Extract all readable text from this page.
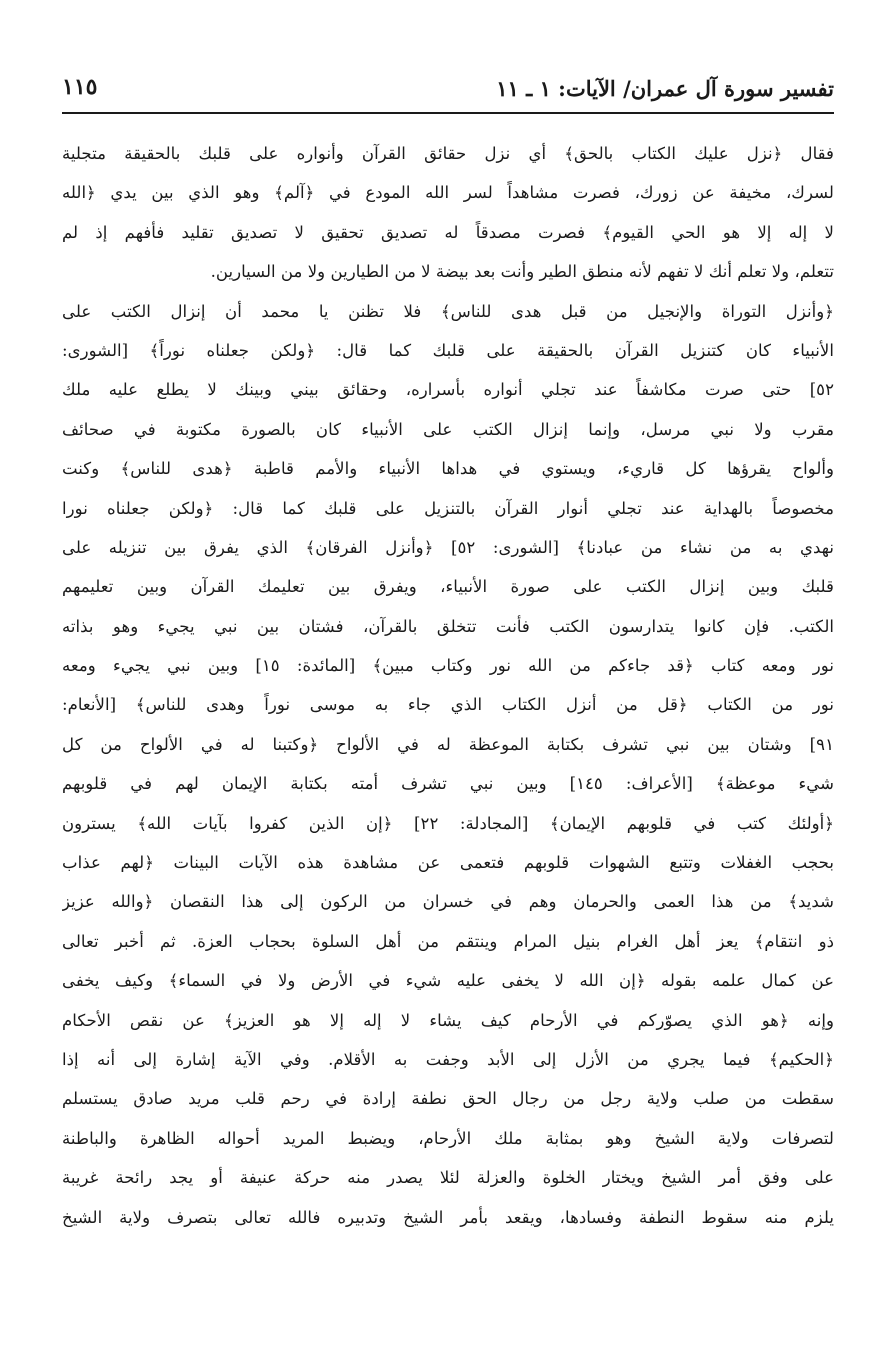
تفسير سورة آل عمران/ الآيات: ١ ـ ١١
١١٥
فقال ﴿نزل عليك الكتاب بالحق﴾ أي نزل حقائق القرآن وأنواره على قلبك بالحقيقة متجلية
لسرك، مخيفة عن زورك، فصرت مشاهداً لسر الله المودع في ﴿آلم﴾ وهو الذي بين يدي ﴿الله
لا إله إلا هو الحي القيوم﴾ فصرت مصدقاً له تصديق تحقيق لا تصديق تقليد فأفهم إذ لم
تتعلم، ولا تعلم أنك لا تفهم لأنه منطق الطير وأنت بعد بيضة لا من الطيارين ولا من السيارين.
﴿وأنزل التوراة والإنجيل من قبل هدى للناس﴾ فلا تظنن يا محمد أن إنزال الكتب على
الأنبياء كان كتنزيل القرآن بالحقيقة على قلبك كما قال: ﴿ولكن جعلناه نوراً﴾ [الشورى:
٥٢] حتى صرت مكاشفاً عند تجلي أنواره بأسراره، وحقائق بيني وبينك لا يطلع عليه ملك
مقرب ولا نبي مرسل، وإنما إنزال الكتب على الأنبياء كان بالصورة مكتوبة في صحائف
وألواح يقرؤها كل قاريء، ويستوي في هداها الأنبياء والأمم قاطبة ﴿هدى للناس﴾ وكنت
مخصوصاً بالهداية عند تجلي أنوار القرآن بالتنزيل على قلبك كما قال: ﴿ولكن جعلناه نورا
نهدي به من نشاء من عبادنا﴾ [الشورى: ٥٢] ﴿وأنزل الفرقان﴾ الذي يفرق بين تنزيله على
قلبك وبين إنزال الكتب على صورة الأنبياء، ويفرق بين تعليمك القرآن وبين تعليمهم
الكتب. فإن كانوا يتدارسون الكتب فأنت تتخلق بالقرآن، فشتان بين نبي يجيء وهو بذاته
نور ومعه كتاب ﴿قد جاءكم من الله نور وكتاب مبين﴾ [المائدة: ١٥] وبين نبي يجيء ومعه
نور من الكتاب ﴿قل من أنزل الكتاب الذي جاء به موسى نوراً وهدى للناس﴾ [الأنعام:
٩١] وشتان بين نبي تشرف بكتابة الموعظة له في الألواح ﴿وكتبنا له في الألواح من كل
شيء موعظة﴾ [الأعراف: ١٤٥] وبين نبي تشرف أمته بكتابة الإيمان لهم في قلوبهم
﴿أولئك كتب في قلوبهم الإيمان﴾ [المجادلة: ٢٢] ﴿إن الذين كفروا بآيات الله﴾ يسترون
بحجب الغفلات وتتبع الشهوات قلوبهم فتعمى عن مشاهدة هذه الآيات البينات ﴿لهم عذاب
شديد﴾ من هذا العمى والحرمان وهم في خسران من الركون إلى هذا النقصان ﴿والله عزيز
ذو انتقام﴾ يعز أهل الغرام بنيل المرام وينتقم من أهل السلوة بحجاب العزة. ثم أخبر تعالى
عن كمال علمه بقوله ﴿إن الله لا يخفى عليه شيء في الأرض ولا في السماء﴾ وكيف يخفى
وإنه ﴿هو الذي يصوّركم في الأرحام كيف يشاء لا إله إلا هو العزيز﴾ عن نقص الأحكام
﴿الحكيم﴾ فيما يجري من الأزل إلى الأبد وجفت به الأقلام. وفي الآية إشارة إلى أنه إذا
سقطت من صلب ولاية رجل من رجال الحق نطفة إرادة في رحم قلب مريد صادق يستسلم
لتصرفات ولاية الشيخ وهو بمثابة ملك الأرحام، ويضبط المريد أحواله الظاهرة والباطنة
على وفق أمر الشيخ ويختار الخلوة والعزلة لئلا يصدر منه حركة عنيفة أو يجد رائحة غريبة
يلزم منه سقوط النطفة وفسادها، ويقعد بأمر الشيخ وتدبيره فالله تعالى بتصرف ولاية الشيخ
